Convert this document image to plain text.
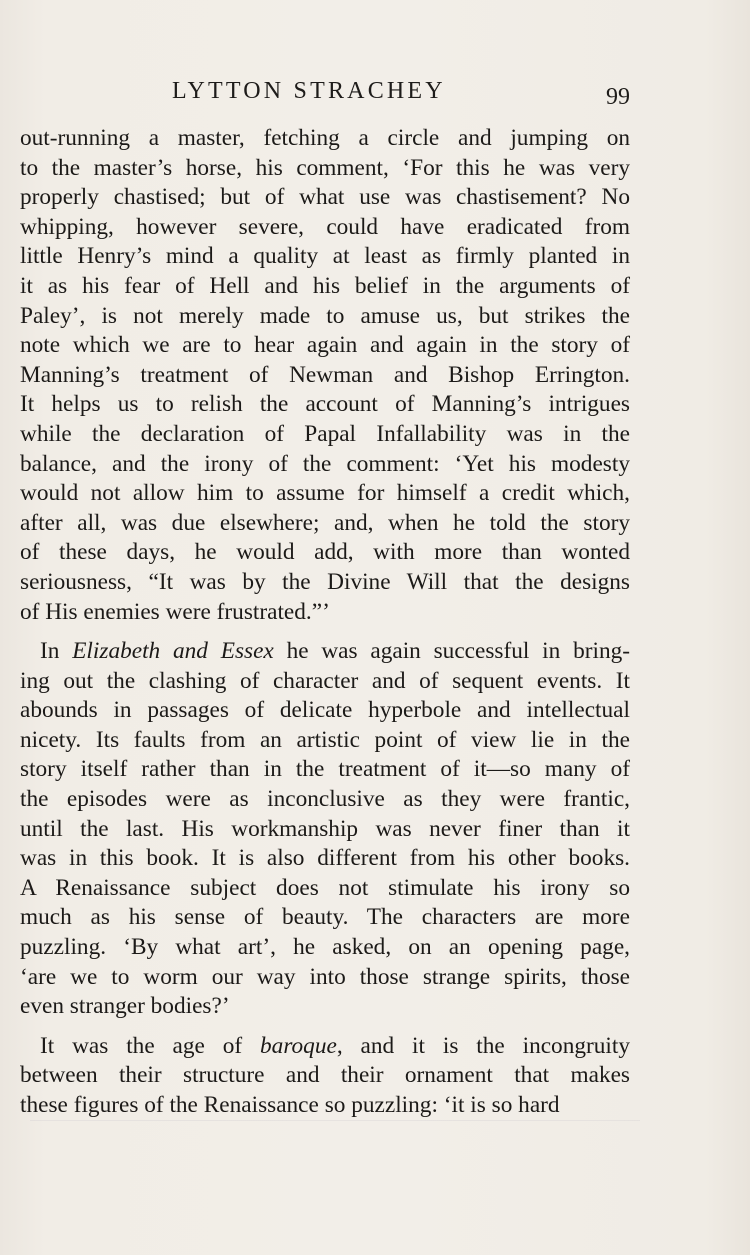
LYTTON STRACHEY	99
out-running a master, fetching a circle and jumping on
to the master’s horse, his comment, ‘For this he was very
properly chastised; but of what use was chastisement? No
whipping, however severe, could have eradicated from
little Henry’s mind a quality at least as firmly planted in
it as his fear of Hell and his belief in the arguments of
Paley’, is not merely made to amuse us, but strikes the
note which we are to hear again and again in the story of
Manning’s treatment of Newman and Bishop Errington.
It helps us to relish the account of Manning’s intrigues
while the declaration of Papal Infallability was in the
balance, and the irony of the comment: ‘Yet his modesty
would not allow him to assume for himself a credit which,
after all, was due elsewhere; and, when he told the story
of these days, he would add, with more than wonted
seriousness, “It was by the Divine Will that the designs
of His enemies were frustrated.”’
In Elizabeth and Essex he was again successful in bring-
ing out the clashing of character and of sequent events. It
abounds in passages of delicate hyperbole and intellectual
nicety. Its faults from an artistic point of view lie in the
story itself rather than in the treatment of it—so many of
the episodes were as inconclusive as they were frantic,
until the last. His workmanship was never finer than it
was in this book. It is also different from his other books.
A Renaissance subject does not stimulate his irony so
much as his sense of beauty. The characters are more
puzzling. ‘By what art’, he asked, on an opening page,
‘are we to worm our way into those strange spirits, those
even stranger bodies?’
It was the age of baroque, and it is the incongruity
between their structure and their ornament that makes
these figures of the Renaissance so puzzling: ‘it is so hard
